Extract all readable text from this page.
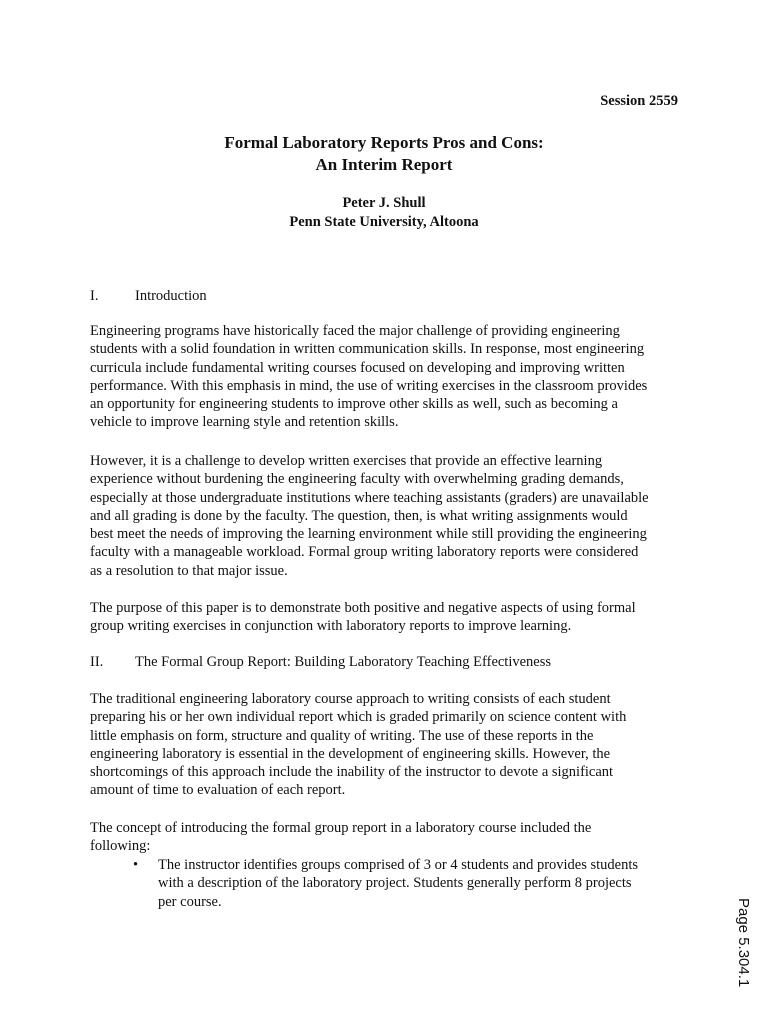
Session 2559
Formal Laboratory Reports Pros and Cons:
An Interim Report
Peter J. Shull
Penn State University, Altoona
I.	Introduction
Engineering programs have historically faced the major challenge of providing engineering
students with a solid foundation in written communication skills. In response, most engineering
curricula include fundamental writing courses focused on developing and improving written
performance. With this emphasis in mind, the use of writing exercises in the classroom provides
an opportunity for engineering students to improve other skills as well, such as becoming a
vehicle to improve learning style and retention skills.
However, it is a challenge to develop written exercises that provide an effective learning
experience without burdening the engineering faculty with overwhelming grading demands,
especially at those undergraduate institutions where teaching assistants (graders) are unavailable
and all grading is done by the faculty. The question, then, is what writing assignments would
best meet the needs of improving the learning environment while still providing the engineering
faculty with a manageable workload. Formal group writing laboratory reports were considered
as a resolution to that major issue.
The purpose of this paper is to demonstrate both positive and negative aspects of using formal
group writing exercises in conjunction with laboratory reports to improve learning.
II. The Formal Group Report: Building Laboratory Teaching Effectiveness
The traditional engineering laboratory course approach to writing consists of each student
preparing his or her own individual report which is graded primarily on science content with
little emphasis on form, structure and quality of writing. The use of these reports in the
engineering laboratory is essential in the development of engineering skills. However, the
shortcomings of this approach include the inability of the instructor to devote a significant
amount of time to evaluation of each report.
The concept of introducing the formal group report in a laboratory course included the
following:
• The instructor identifies groups comprised of 3 or 4 students and provides students
with a description of the laboratory project. Students generally perform 8 projects
per course.	Page 5.304.1
